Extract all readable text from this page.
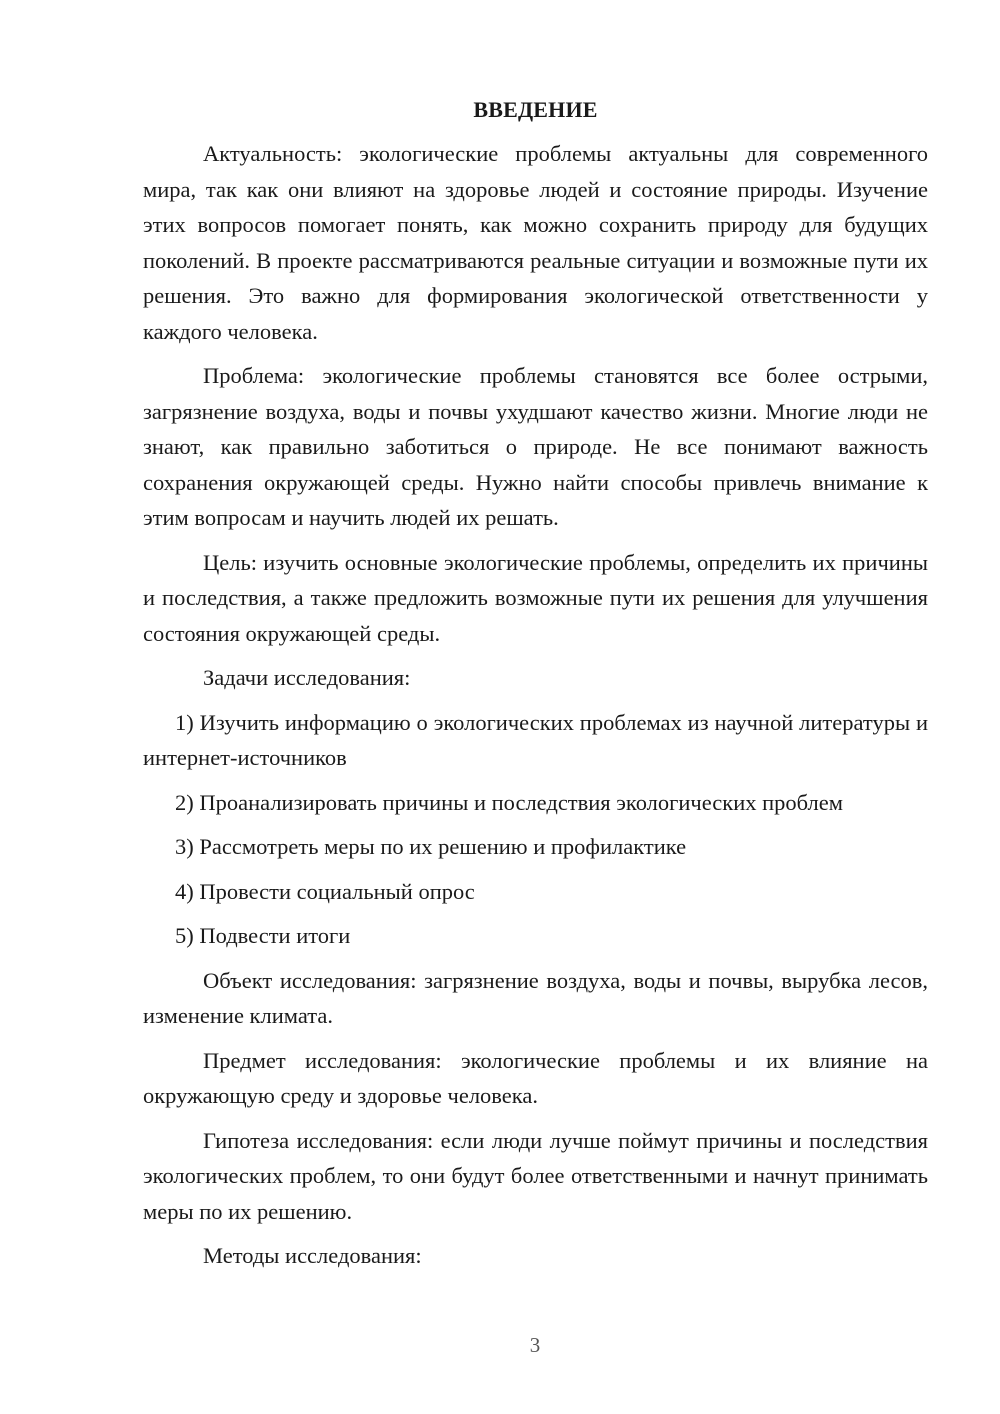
ВВЕДЕНИЕ

Актуальность: экологические проблемы актуальны для современного мира, так как они влияют на здоровье людей и состояние природы. Изучение этих вопросов помогает понять, как можно сохранить природу для будущих поколений. В проекте рассматриваются реальные ситуации и возможные пути их решения. Это важно для формирования экологической ответственности у каждого человека.

Проблема: экологические проблемы становятся все более острыми, загрязнение воздуха, воды и почвы ухудшают качество жизни. Многие люди не знают, как правильно заботиться о природе. Не все понимают важность сохранения окружающей среды. Нужно найти способы привлечь внимание к этим вопросам и научить людей их решать.

Цель: изучить основные экологические проблемы, определить их причины и последствия, а также предложить возможные пути их решения для улучшения состояния окружающей среды.

Задачи исследования:

1) Изучить информацию о экологических проблемах из научной литературы и интернет-источников

2) Проанализировать причины и последствия экологических проблем

3) Рассмотреть меры по их решению и профилактике

4) Провести социальный опрос

5) Подвести итоги

Объект исследования: загрязнение воздуха, воды и почвы, вырубка лесов, изменение климата.

Предмет исследования: экологические проблемы и их влияние на окружающую среду и здоровье человека.

Гипотеза исследования: если люди лучше поймут причины и последствия экологических проблем, то они будут более ответственными и начнут принимать меры по их решению.

Методы исследования:

3
